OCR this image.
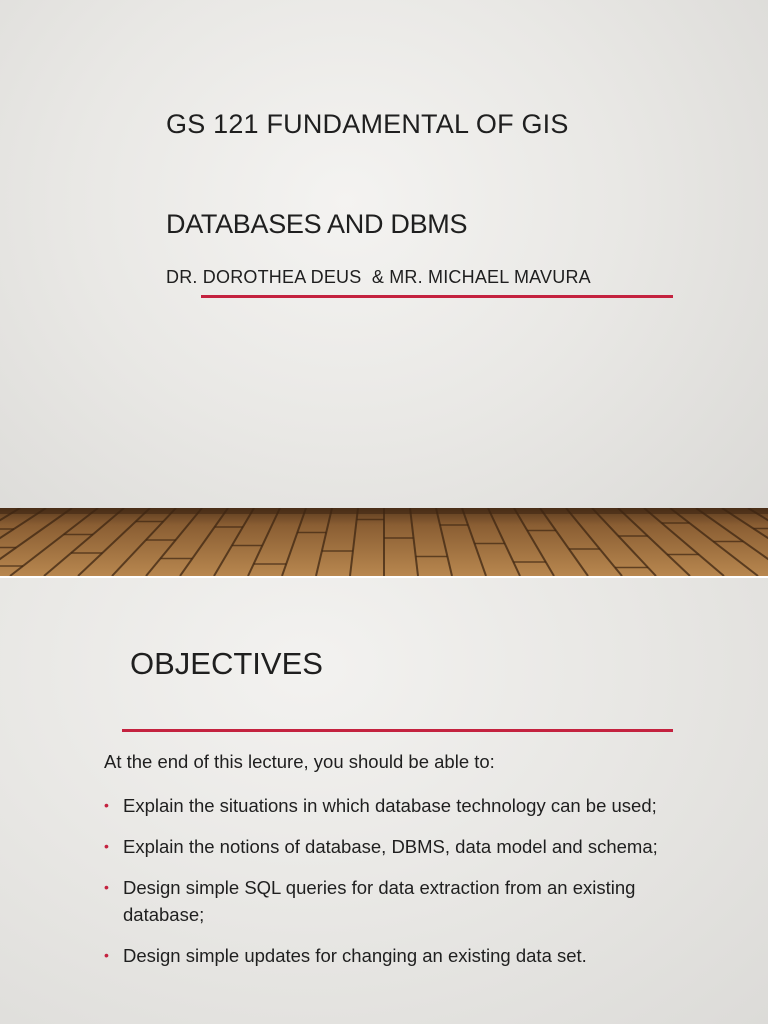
GS 121 FUNDAMENTAL OF GIS
DATABASES AND DBMS
DR. DOROTHEA DEUS  & MR. MICHAEL MAVURA
OBJECTIVES
At the end of this lecture, you should be able to:
• Explain the situations in which database technology can be used;
• Explain the notions of database, DBMS, data model and schema;
• Design simple SQL queries for data extraction from an existing database;
• Design simple updates for changing an existing data set.
